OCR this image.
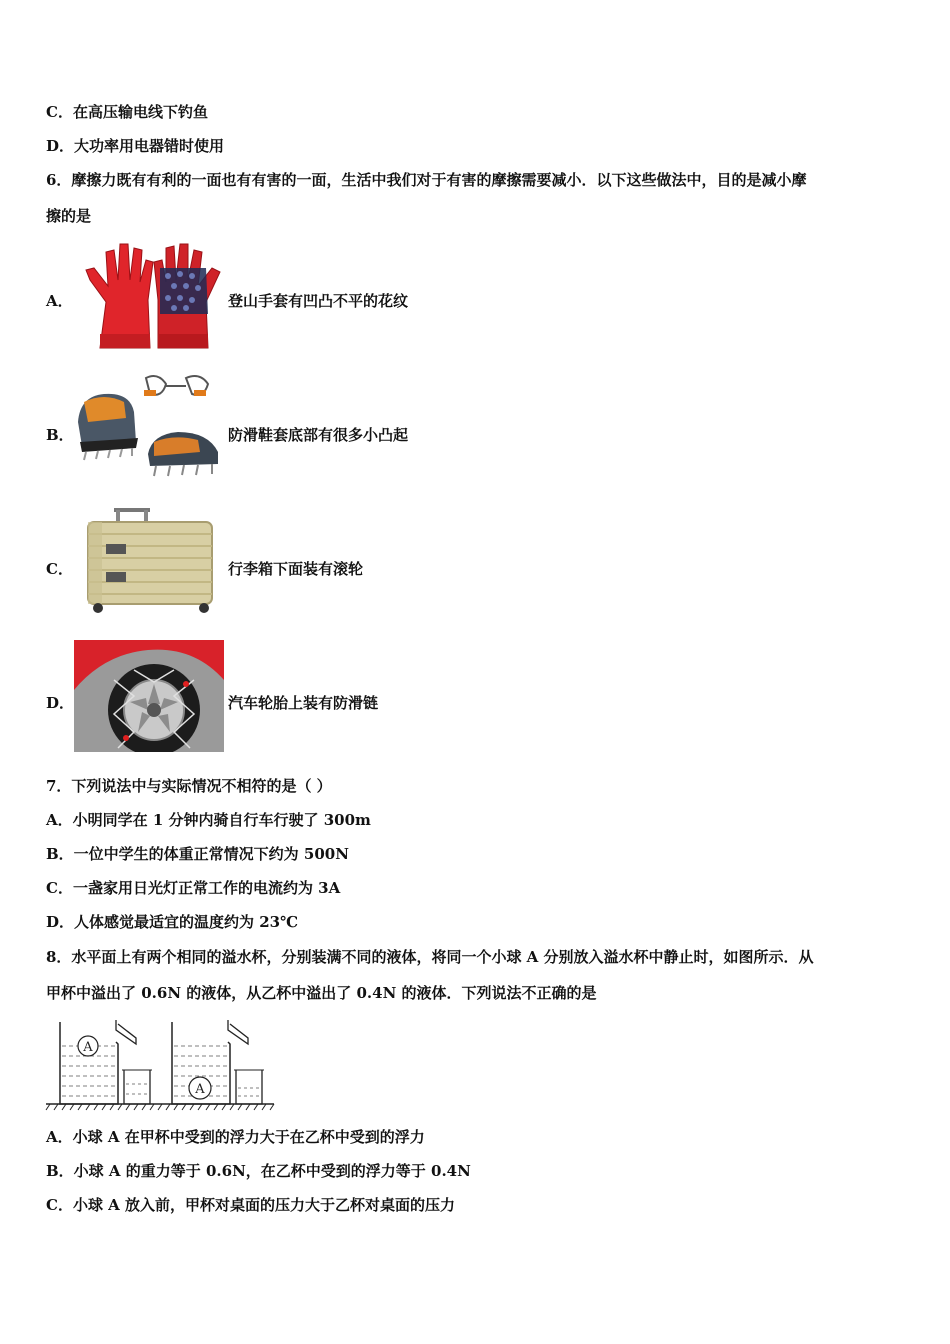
C．在高压输电线下钓鱼
D．大功率用电器错时使用
6．摩擦力既有有利的一面也有有害的一面，生活中我们对于有害的摩擦需要减小．以下这些做法中，目的是减小摩
擦的是
A．	登山手套有凹凸不平的花纹
B．	防滑鞋套底部有很多小凸起
C．	行李箱下面装有滚轮
D．	汽车轮胎上装有防滑链
7．下列说法中与实际情况不相符的是（ ）
A．小明同学在 1 分钟内骑自行车行驶了 300m
B．一位中学生的体重正常情况下约为 500N
C．一盏家用日光灯正常工作的电流约为 3A
D．人体感觉最适宜的温度约为 23℃
8．水平面上有两个相同的溢水杯，分别装满不同的液体，将同一个小球 A 分别放入溢水杯中静止时，如图所示．从
甲杯中溢出了 0.6N 的液体，从乙杯中溢出了 0.4N 的液体．下列说法不正确的是
A
A
A．小球 A 在甲杯中受到的浮力大于在乙杯中受到的浮力
B．小球 A 的重力等于 0.6N，在乙杯中受到的浮力等于 0.4N
C．小球 A 放入前，甲杯对桌面的压力大于乙杯对桌面的压力
